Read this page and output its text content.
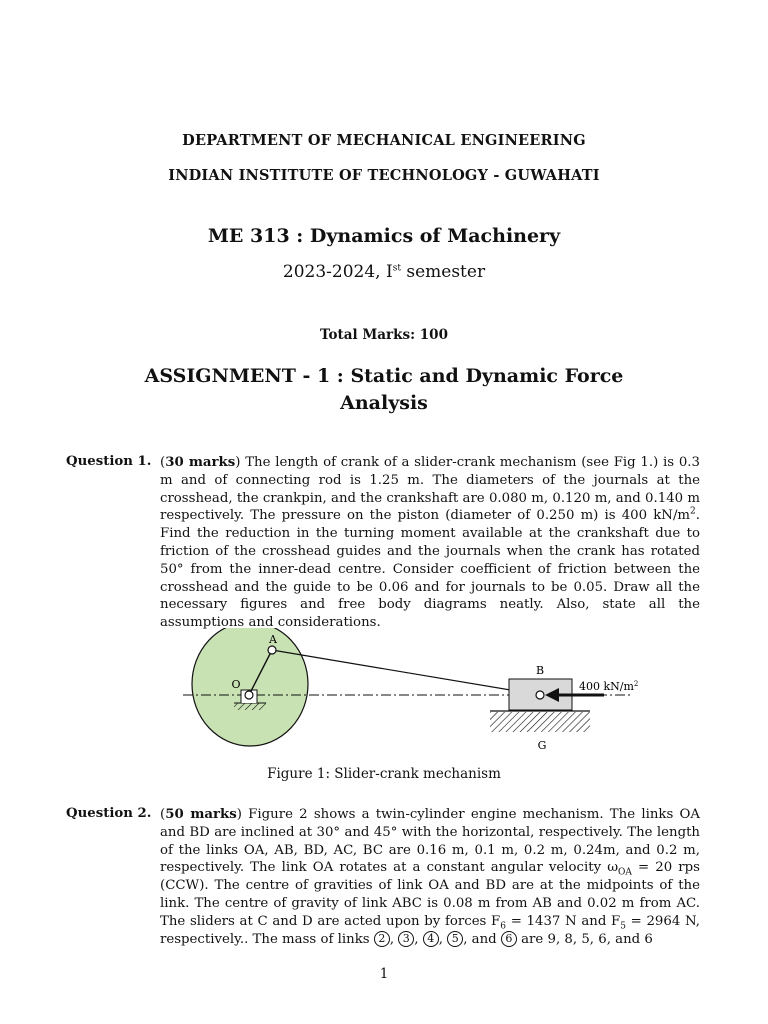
DEPARTMENT OF MECHANICAL ENGINEERING
INDIAN INSTITUTE OF TECHNOLOGY - GUWAHATI
ME 313 : Dynamics of Machinery
2023-2024, Ist semester
Total Marks: 100
ASSIGNMENT - 1 : Static and Dynamic Force
Analysis
Question 1. (30 marks) The length of crank of a slider-crank mechanism (see Fig 1.) is 0.3 m and of connecting rod is 1.25 m. The diameters of the journals at the crosshead, the crankpin, and the crankshaft are 0.080 m, 0.120 m, and 0.140 m respectively. The pressure on the piston (diameter of 0.250 m) is 400 $kN/m^2$. Find the reduction in the turning moment available at the crankshaft due to friction of the crosshead guides and the journals when the crank has rotated 50° from the inner-dead centre. Consider coefficient of friction between the crosshead and the guide to be 0.06 and for journals to be 0.05. Draw all the necessary figures and free body diagrams neatly. Also, state all the assumptions and considerations.
A
O
B
G
400 $kN/m^2$
Figure 1: Slider-crank mechanism
Question 2. (50 marks) Figure 2 shows a twin-cylinder engine mechanism. The links OA and BD are inclined at 30° and 45° with the horizontal, respectively. The length of the links OA, AB, BD, AC, BC are 0.16 m, 0.1 m, 0.2 m, 0.24m, and 0.2 m, respectively. The link OA rotates at a constant angular velocity $\omega_{OA} = 20$ rps (CCW). The centre of gravities of link OA and BD are at the midpoints of the link. The centre of gravity of link ABC is 0.08 m from AB and 0.02 m from AC. The sliders at C and D are acted upon by forces $F_6 = 1437$ N and $F_5 = 2964$ N, respectively.. The mass of links 2 , 3 , 4 , 5 , and 6 are 9, 8, 5, 6, and 6
1
